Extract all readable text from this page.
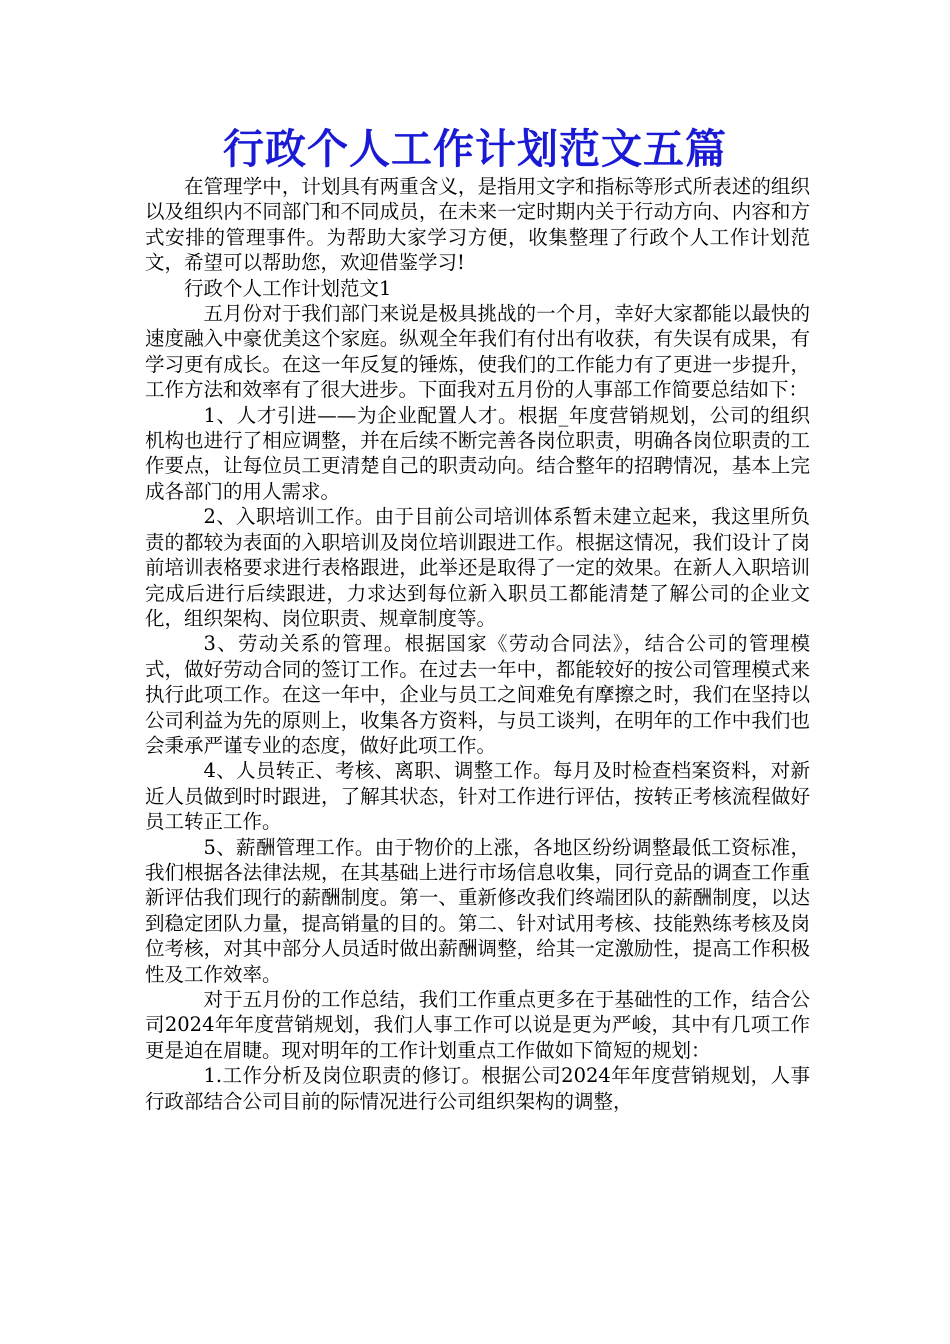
行政个人工作计划范文五篇

在管理学中，计划具有两重含义，是指用文字和指标等形式所表述的组织以及组织内不同部门和不同成员，在未来一定时期内关于行动方向、内容和方式安排的管理事件。为帮助大家学习方便，收集整理了行政个人工作计划范文，希望可以帮助您，欢迎借鉴学习!

行政个人工作计划范文1

五月份对于我们部门来说是极具挑战的一个月，幸好大家都能以最快的速度融入中豪优美这个家庭。纵观全年我们有付出有收获，有失误有成果，有学习更有成长。在这一年反复的锤炼，使我们的工作能力有了更进一步提升，工作方法和效率有了很大进步。下面我对五月份的人事部工作简要总结如下：

1、人才引进——为企业配置人才。根据_年度营销规划，公司的组织机构也进行了相应调整，并在后续不断完善各岗位职责，明确各岗位职责的工作要点，让每位员工更清楚自己的职责动向。结合整年的招聘情况，基本上完成各部门的用人需求。

2、入职培训工作。由于目前公司培训体系暂未建立起来，我这里所负责的都较为表面的入职培训及岗位培训跟进工作。根据这情况，我们设计了岗前培训表格要求进行表格跟进，此举还是取得了一定的效果。在新人入职培训完成后进行后续跟进，力求达到每位新入职员工都能清楚了解公司的企业文化，组织架构、岗位职责、规章制度等。

3、劳动关系的管理。根据国家《劳动合同法》，结合公司的管理模式，做好劳动合同的签订工作。在过去一年中，都能较好的按公司管理模式来执行此项工作。在这一年中，企业与员工之间难免有摩擦之时，我们在坚持以公司利益为先的原则上，收集各方资料，与员工谈判，在明年的工作中我们也会秉承严谨专业的态度，做好此项工作。

4、人员转正、考核、离职、调整工作。每月及时检查档案资料，对新近人员做到时时跟进，了解其状态，针对工作进行评估，按转正考核流程做好员工转正工作。

5、薪酬管理工作。由于物价的上涨，各地区纷纷调整最低工资标准，我们根据各法律法规，在其基础上进行市场信息收集，同行竞品的调查工作重新评估我们现行的薪酬制度。第一、重新修改我们终端团队的薪酬制度，以达到稳定团队力量，提高销量的目的。第二、针对试用考核、技能熟练考核及岗位考核，对其中部分人员适时做出薪酬调整，给其一定激励性，提高工作积极性及工作效率。

对于五月份的工作总结，我们工作重点更多在于基础性的工作，结合公司2024年年度营销规划，我们人事工作可以说是更为严峻，其中有几项工作更是迫在眉睫。现对明年的工作计划重点工作做如下简短的规划：

1.工作分析及岗位职责的修订。根据公司2024年年度营销规划，人事行政部结合公司目前的际情况进行公司组织架构的调整，
